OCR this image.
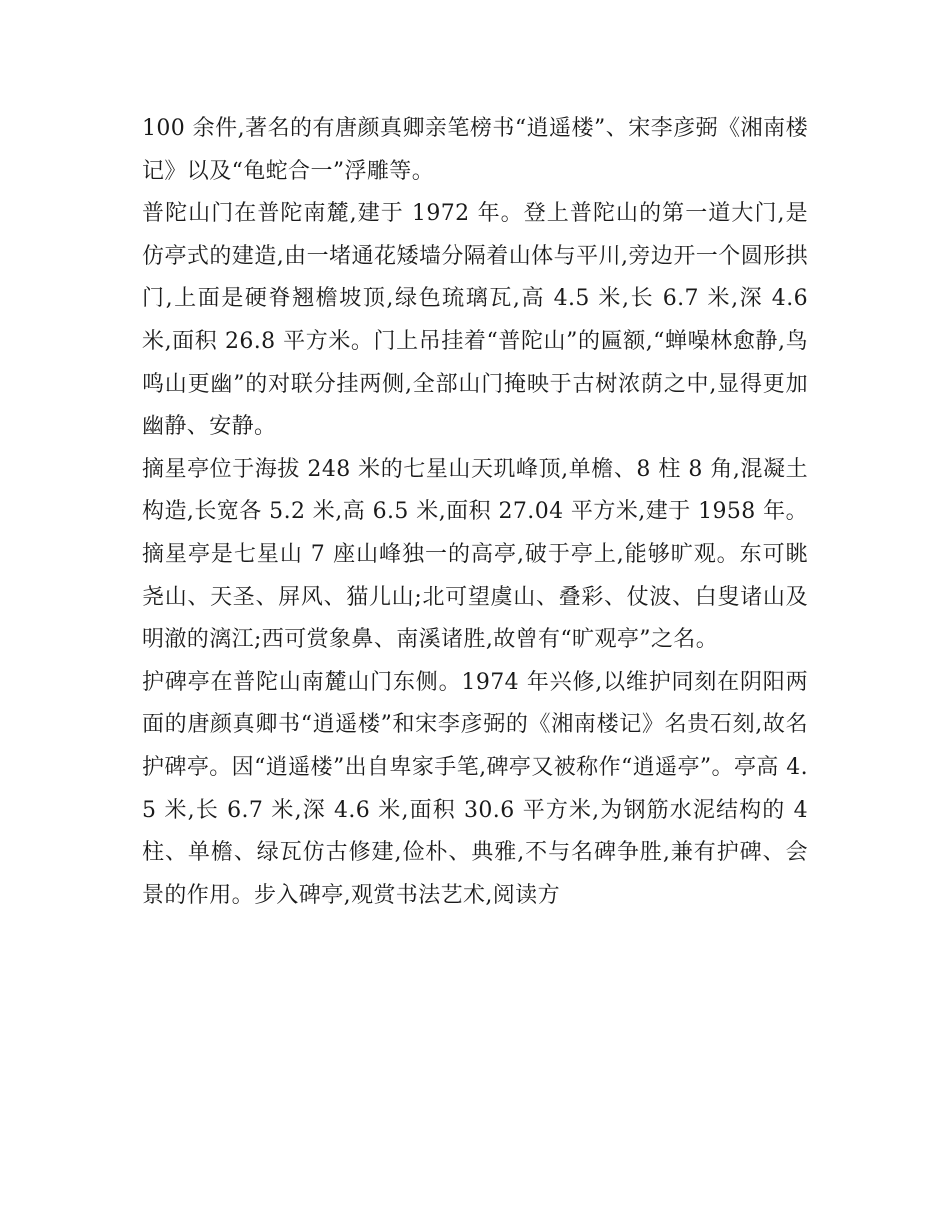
100 余件,著名的有唐颜真卿亲笔榜书“逍遥楼”、宋李彦弼《湘南楼记》以及“龟蛇合一”浮雕等。

普陀山门在普陀南麓,建于 1972 年。登上普陀山的第一道大门,是仿亭式的建造,由一堵通花矮墙分隔着山体与平川,旁边开一个圆形拱门,上面是硬脊翘檐坡顶,绿色琉璃瓦,高 4.5 米,长 6.7 米,深 4.6 米,面积 26.8 平方米。门上吊挂着“普陀山”的匾额,“蝉噪林愈静,鸟鸣山更幽”的对联分挂两侧,全部山门掩映于古树浓荫之中,显得更加幽静、安静。

摘星亭位于海拔 248 米的七星山天玑峰顶,单檐、8 柱 8 角,混凝土构造,长宽各 5.2 米,高 6.5 米,面积 27.04 平方米,建于 1958 年。摘星亭是七星山 7 座山峰独一的高亭,破于亭上,能够旷观。东可眺尧山、天圣、屏风、猫儿山;北可望虞山、叠彩、仗波、白叟诸山及明澈的漓江;西可赏象鼻、南溪诸胜,故曾有“旷观亭”之名。

护碑亭在普陀山南麓山门东侧。1974 年兴修,以维护同刻在阴阳两面的唐颜真卿书“逍遥楼”和宋李彦弼的《湘南楼记》名贵石刻,故名护碑亭。因“逍遥楼”出自卑家手笔,碑亭又被称作“逍遥亭”。亭高 4.5 米,长 6.7 米,深 4.6 米,面积 30.6 平方米,为钢筋水泥结构的 4 柱、单檐、绿瓦仿古修建,俭朴、典雅,不与名碑争胜,兼有护碑、会景的作用。步入碑亭,观赏书法艺术,阅读方
